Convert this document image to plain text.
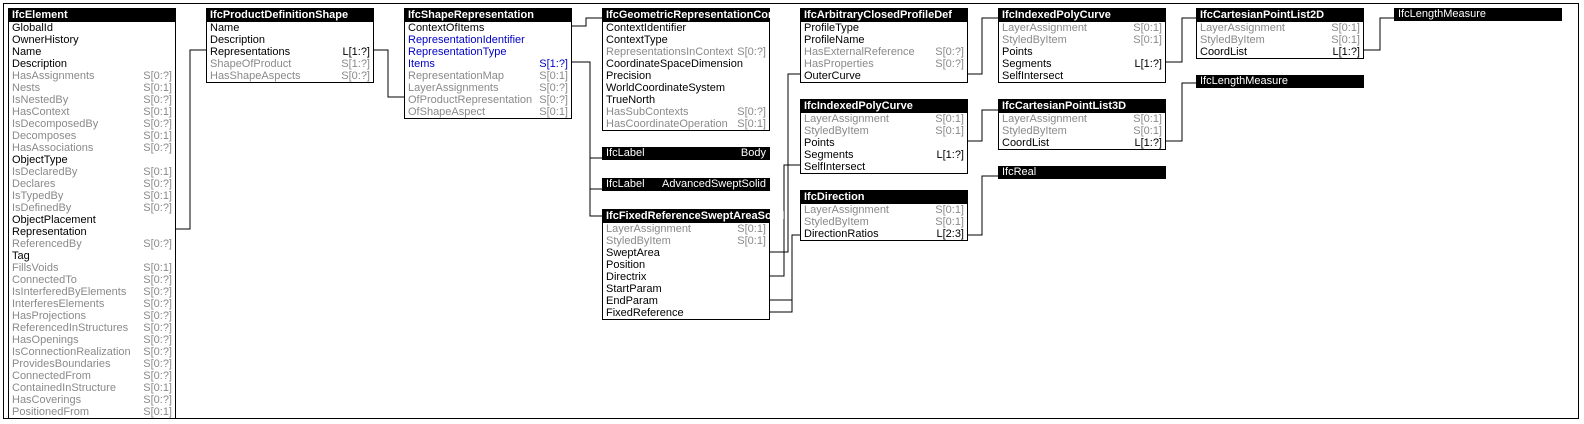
IfcElement
GlobalId
OwnerHistory
Name
Description
HasAssignments	S[0:?]
Nests	S[0:1]
IsNestedBy	S[0:?]
HasContext	S[0:1]
IsDecomposedBy	S[0:?]
Decomposes	S[0:1]
HasAssociations	S[0:?]
ObjectType
IsDeclaredBy	S[0:1]
Declares	S[0:?]
IsTypedBy	S[0:1]
IsDefinedBy	S[0:?]
ObjectPlacement
Representation
ReferencedBy	S[0:?]
Tag
FillsVoids	S[0:1]
ConnectedTo	S[0:?]
IsInterferedByElements S[0:?]
InterferesElements	S[0:?]
HasProjections	S[0:?]
ReferencedInStructures S[0:?]
HasOpenings	S[0:?]
IsConnectionRealization S[0:?]
ProvidesBoundaries	S[0:?]
ConnectedFrom	S[0:?]
ContainedInStructure S[0:1]
HasCoverings	S[0:?]
PositionedFrom	S[0:1]
IfcProductDefinitionShape
Name
Description
Representations	L[1:?]
ShapeOfProduct	S[1:?]
HasShapeAspects	S[0:?]
IfcShapeRepresentation
ContextOfItems
RepresentationIdentifier
RepresentationType
Items	S[1:?]
RepresentationMap	S[0:1]
LayerAssignments	S[0:?]
OfProductRepresentation S[0:?]
OfShapeAspect	S[0:1]
IfcGeometricRepresentationContext
ContextIdentifier
ContextType
RepresentationsInContext S[0:?]
CoordinateSpaceDimension
Precision
WorldCoordinateSystem
TrueNorth
HasSubContexts	S[0:?]
HasCoordinateOperation S[0:1]
IfcFixedReferenceSweptAreaSolid
LayerAssignment	S[0:1]
StyledByItem	S[0:1]
SweptArea
Position
Directrix
StartParam
EndParam
FixedReference
IfcArbitraryClosedProfileDef
ProfileType
ProfileName
HasExternalReference S[0:?]
HasProperties	S[0:?]
OuterCurve
IfcIndexedPolyCurve
LayerAssignment	S[0:1]
StyledByItem	S[0:1]
Points
Segments	L[1:?]
SelfIntersect
IfcIndexedPolyCurve
LayerAssignment	S[0:1]
StyledByItem	S[0:1]
Points
Segments	L[1:?]
SelfIntersect
IfcDirection
LayerAssignment	S[0:1]
StyledByItem	S[0:1]
DirectionRatios	L[2:3]
IfcCartesianPointList2D
LayerAssignment	S[0:1]
StyledByItem	S[0:1]
CoordList	L[1:?]
IfcCartesianPointList3D
LayerAssignment	S[0:1]
StyledByItem	S[0:1]
CoordList	L[1:?]
IfcLabel	Body
IfcLabel AdvancedSweptSolid
IfcLengthMeasure
IfcLengthMeasure
IfcReal
